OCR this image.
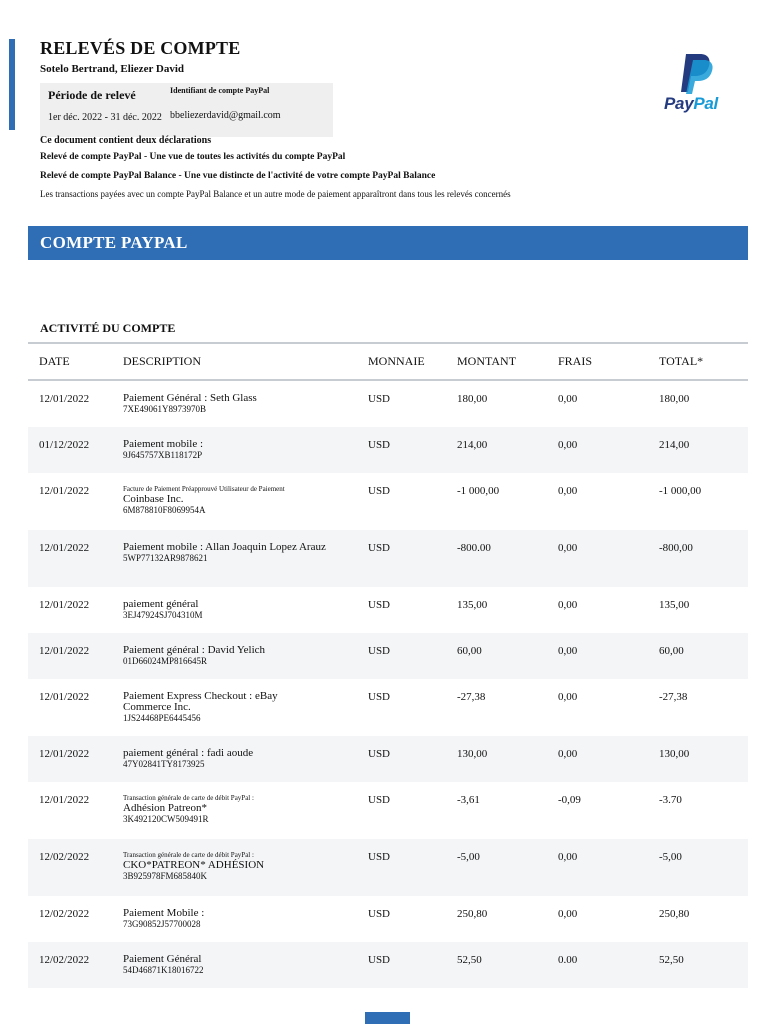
RELEVÉS DE COMPTE
Sotelo Bertrand, Eliezer David
Période de relevé
1er déc. 2022 - 31 déc. 2022
Identifiant de compte PayPal
bbeliezerdavid@gmail.com
PayPal
Ce document contient deux déclarations
Relevé de compte PayPal - Une vue de toutes les activités du compte PayPal
Relevé de compte PayPal Balance - Une vue distincte de l'activité de votre compte PayPal Balance
Les transactions payées avec un compte PayPal Balance et un autre mode de paiement apparaîtront dans tous les relevés concernés
COMPTE PAYPAL
ACTIVITÉ DU COMPTE
DATE	DESCRIPTION	MONNAIE	MONTANT	FRAIS	TOTAL*
12/01/2022	Paiement Général : Seth Glass
7XE49061Y8973970B
USD	180,00	0,00	180,00
01/12/2022	Paiement mobile :
9J645757XB118172P
USD	214,00	0,00	214,00
12/01/2022	Facture de Paiement Préapprouvé Utilisateur de Paiement
Coinbase Inc.
6M878810F8069954A
USD	-1 000,00	0,00	-1 000,00
12/01/2022	Paiement mobile : Allan Joaquin Lopez Arauz
5WP77132AR9878621
USD	-800.00	0,00	-800,00
12/01/2022	paiement général
3EJ47924SJ704310M
USD	135,00	0,00	135,00
12/01/2022	Paiement général : David Yelich
01D66024MP816645R
USD	60,00	0,00	60,00
12/01/2022	Paiement Express Checkout : eBay Commerce Inc.
1JS24468PE6445456
USD	-27,38	0,00	-27,38
12/01/2022	paiement général : fadi aoude
47Y02841TY8173925
USD	130,00	0,00	130,00
12/01/2022	Transaction générale de carte de débit PayPal :
Adhésion Patreon*
3K492120CW509491R
USD	-3,61	-0,09	-3.70
12/02/2022	Transaction générale de carte de débit PayPal :
CKO*PATREON* ADHÉSION
3B925978FM685840K
USD	-5,00	0,00	-5,00
12/02/2022	Paiement Mobile :
73G90852J57700028
USD	250,80	0,00	250,80
12/02/2022	Paiement Général
54D46871K18016722
USD	52,50	0.00	52,50
